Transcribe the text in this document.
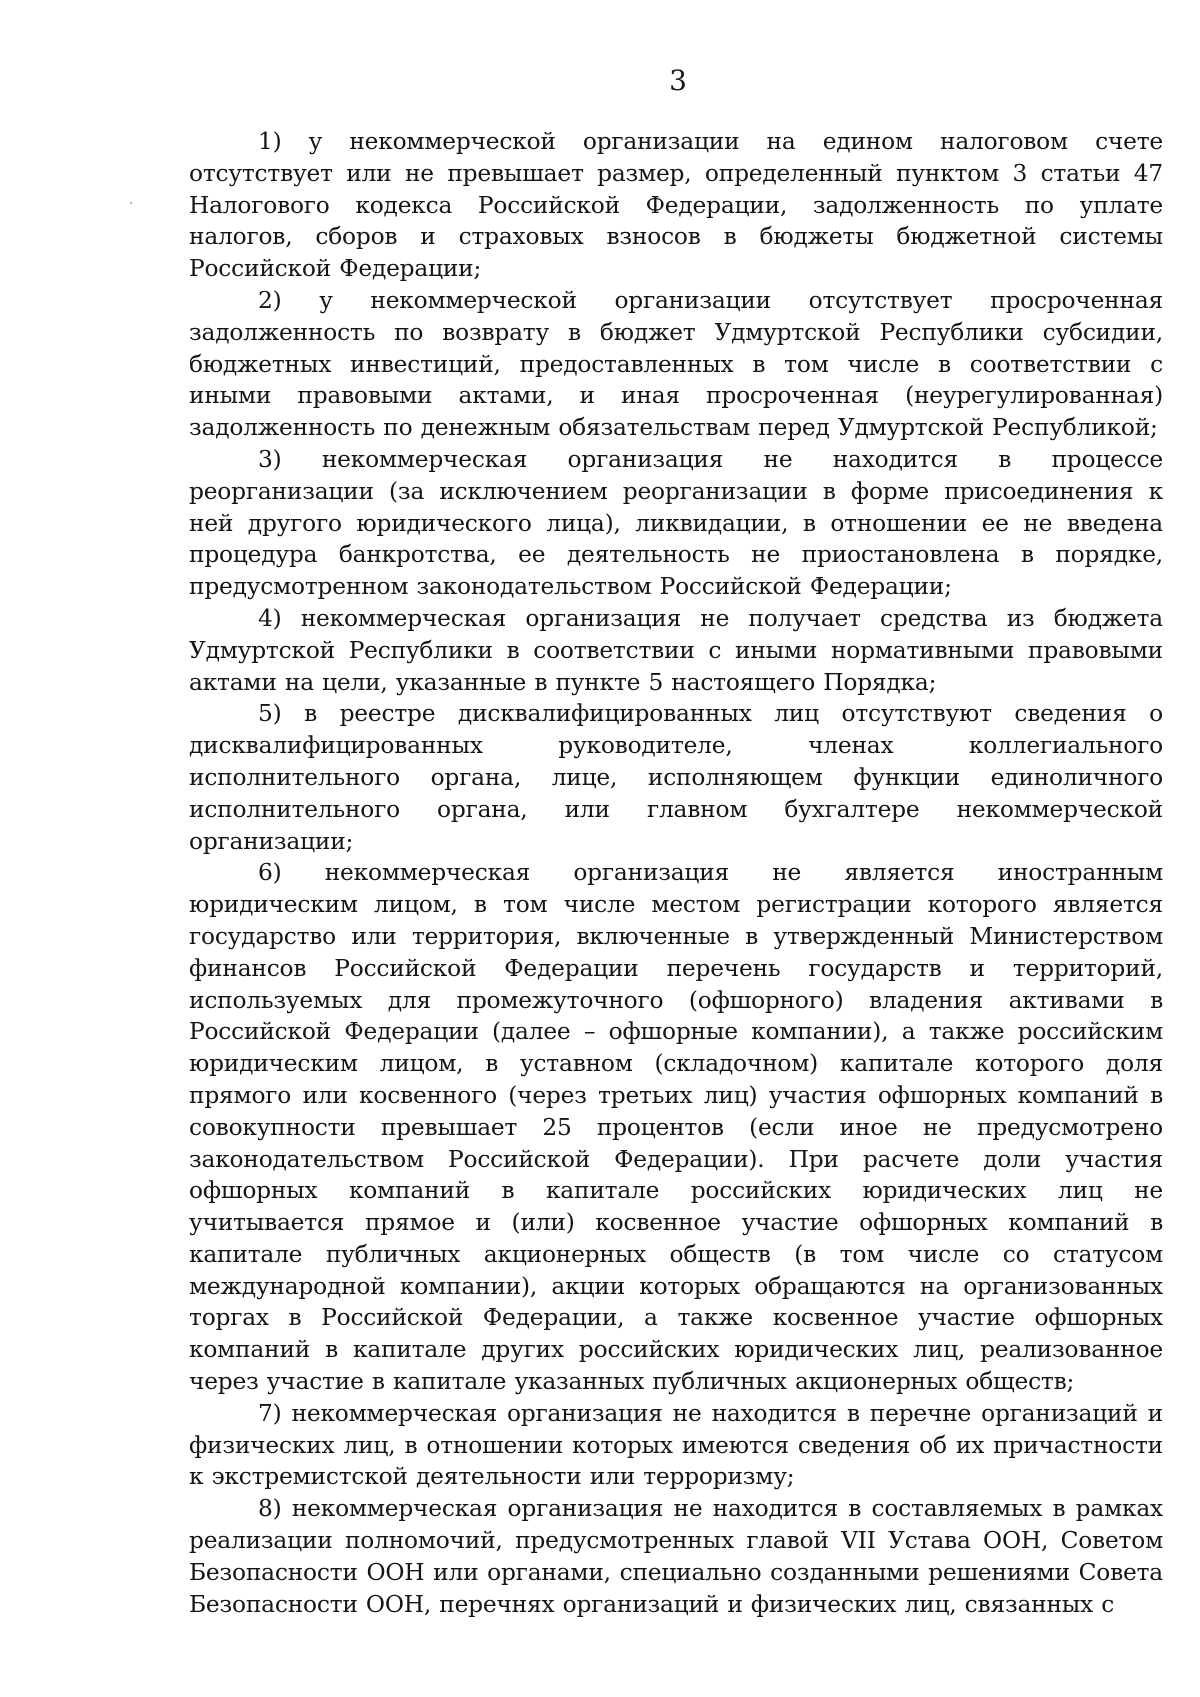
3

1) у некоммерческой организации на едином налоговом счете отсутствует или не превышает размер, определенный пунктом 3 статьи 47 Налогового кодекса Российской Федерации, задолженность по уплате налогов, сборов и страховых взносов в бюджеты бюджетной системы Российской Федерации;

2) у некоммерческой организации отсутствует просроченная задолженность по возврату в бюджет Удмуртской Республики субсидии, бюджетных инвестиций, предоставленных в том числе в соответствии с иными правовыми актами, и иная просроченная (неурегулированная) задолженность по денежным обязательствам перед Удмуртской Республикой;

3) некоммерческая организация не находится в процессе реорганизации (за исключением реорганизации в форме присоединения к ней другого юридического лица), ликвидации, в отношении ее не введена процедура банкротства, ее деятельность не приостановлена в порядке, предусмотренном законодательством Российской Федерации;

4) некоммерческая организация не получает средства из бюджета Удмуртской Республики в соответствии с иными нормативными правовыми актами на цели, указанные в пункте 5 настоящего Порядка;

5) в реестре дисквалифицированных лиц отсутствуют сведения о дисквалифицированных руководителе, членах коллегиального исполнительного органа, лице, исполняющем функции единоличного исполнительного органа, или главном бухгалтере некоммерческой организации;

6) некоммерческая организация не является иностранным юридическим лицом, в том числе местом регистрации которого является государство или территория, включенные в утвержденный Министерством финансов Российской Федерации перечень государств и территорий, используемых для промежуточного (офшорного) владения активами в Российской Федерации (далее – офшорные компании), а также российским юридическим лицом, в уставном (складочном) капитале которого доля прямого или косвенного (через третьих лиц) участия офшорных компаний в совокупности превышает 25 процентов (если иное не предусмотрено законодательством Российской Федерации). При расчете доли участия офшорных компаний в капитале российских юридических лиц не учитывается прямое и (или) косвенное участие офшорных компаний в капитале публичных акционерных обществ (в том числе со статусом международной компании), акции которых обращаются на организованных торгах в Российской Федерации, а также косвенное участие офшорных компаний в капитале других российских юридических лиц, реализованное через участие в капитале указанных публичных акционерных обществ;

7) некоммерческая организация не находится в перечне организаций и физических лиц, в отношении которых имеются сведения об их причастности к экстремистской деятельности или терроризму;

8) некоммерческая организация не находится в составляемых в рамках реализации полномочий, предусмотренных главой VII Устава ООН, Советом Безопасности ООН или органами, специально созданными решениями Совета Безопасности ООН, перечнях организаций и физических лиц, связанных с
